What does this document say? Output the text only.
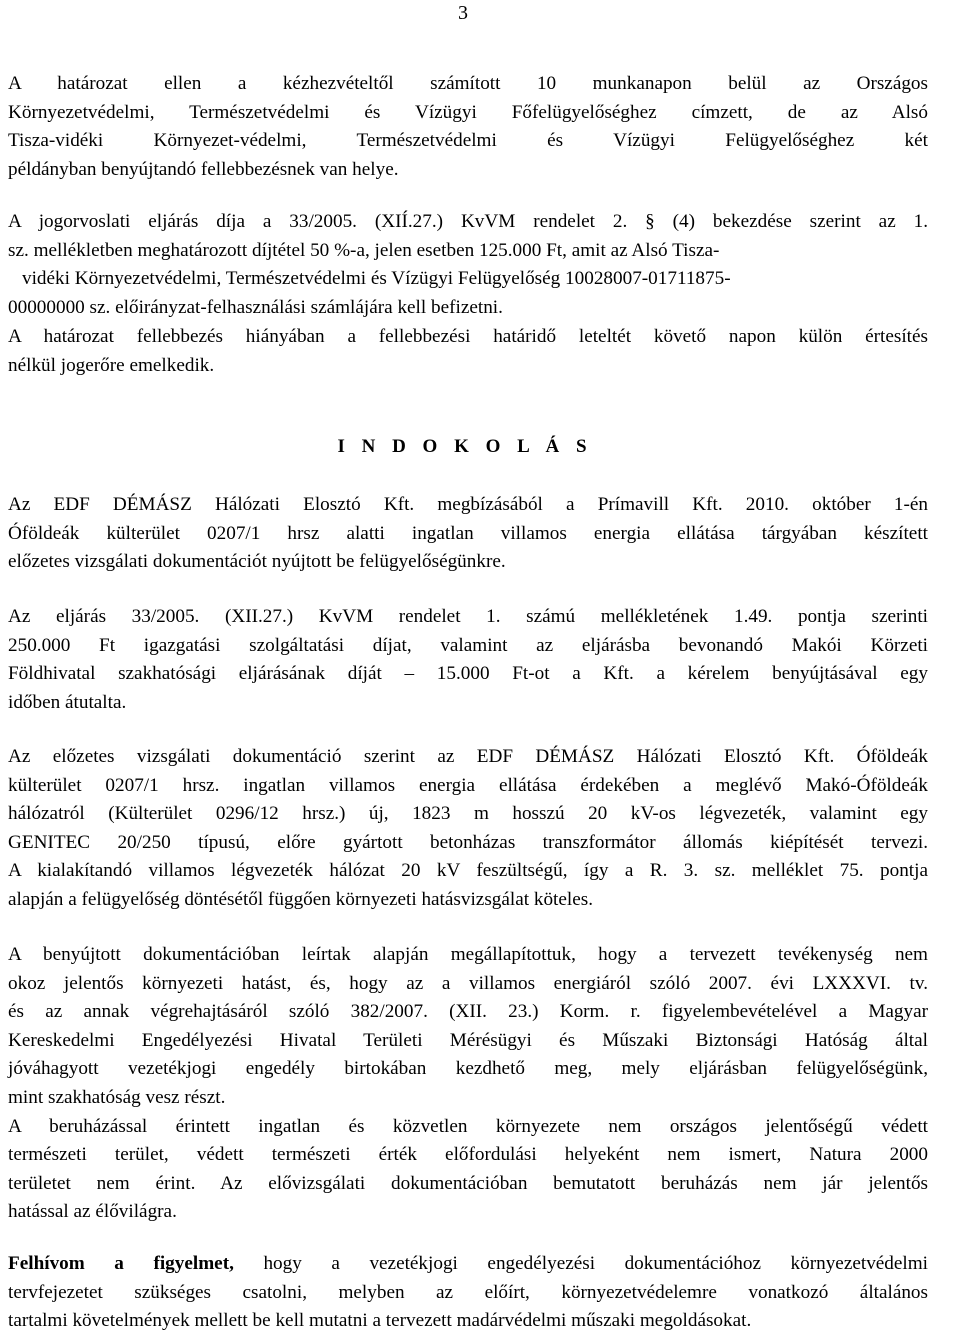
3
A határozat ellen a kézhezvételtől számított 10 munkanapon belül az Országos
Környezetvédelmi, Természetvédelmi és Vízügyi Főfelügyelőséghez címzett, de az Alsó
Tisza-vidéki Környezet-védelmi, Természetvédelmi és Vízügyi Felügyelőséghez két
példányban benyújtandó fellebbezésnek van helye.
A jogorvoslati eljárás díja a 33/2005. (XIÍ.27.) KvVM rendelet 2. § (4) bekezdése szerint az 1.
sz. mellékletben meghatározott díjtétel 50 %-a, jelen esetben 125.000 Ft, amit az Alsó Tisza-
vidéki Környezetvédelmi, Természetvédelmi és Vízügyi Felügyelőség 10028007-01711875-
00000000 sz. előirányzat-felhasználási számlájára kell befizetni.
A határozat fellebbezés hiányában a fellebbezési határidő leteltét követő napon külön értesítés
nélkül jogerőre emelkedik.
I N D O K O L Á S
Az EDF DÉMÁSZ Hálózati Elosztó Kft. megbízásából a Prímavill Kft. 2010. október 1-én
Óföldeák külterület 0207/1 hrsz alatti ingatlan villamos energia ellátása tárgyában készített
előzetes vizsgálati dokumentációt nyújtott be felügyelőségünkre.
Az eljárás 33/2005. (XII.27.) KvVM rendelet 1. számú mellékletének 1.49. pontja szerinti
250.000 Ft igazgatási szolgáltatási díjat, valamint az eljárásba bevonandó Makói Körzeti
Földhivatal szakhatósági eljárásának díját – 15.000 Ft-ot a Kft. a kérelem benyújtásával egy
időben átutalta.
Az előzetes vizsgálati dokumentáció szerint az EDF DÉMÁSZ Hálózati Elosztó Kft. Óföldeák
külterület 0207/1 hrsz. ingatlan villamos energia ellátása érdekében a meglévő Makó-Óföldeák
hálózatról (Külterület 0296/12 hrsz.) új, 1823 m hosszú 20 kV-os légvezeték, valamint egy
GENITEC 20/250 típusú, előre gyártott betonházas transzformátor állomás kiépítését tervezi.
A kialakítandó villamos légvezeték hálózat 20 kV feszültségű, így a R. 3. sz. melléklet 75. pontja
alapján a felügyelőség döntésétől függően környezeti hatásvizsgálat köteles.
A benyújtott dokumentációban leírtak alapján megállapítottuk, hogy a tervezett tevékenység nem
okoz jelentős környezeti hatást, és, hogy az a villamos energiáról szóló 2007. évi LXXXVI. tv.
és az annak végrehajtásáról szóló 382/2007. (XII. 23.) Korm. r. figyelembevételével a Magyar
Kereskedelmi Engedélyezési Hivatal Területi Mérésügyi és Műszaki Biztonsági Hatóság által
jóváhagyott vezetékjogi engedély birtokában kezdhető meg, mely eljárásban felügyelőségünk,
mint szakhatóság vesz részt.
A beruházással érintett ingatlan és közvetlen környezete nem országos jelentőségű védett
természeti terület, védett természeti érték előfordulási helyeként nem ismert, Natura 2000
területet nem érint. Az elővizsgálati dokumentációban bemutatott beruházás nem jár jelentős
hatással az élővilágra.
Felhívom a figyelmet, hogy a vezetékjogi engedélyezési dokumentációhoz környezetvédelmi
tervfejezetet szükséges csatolni, melyben az előírt, környezetvédelemre vonatkozó általános
tartalmi követelmények mellett be kell mutatni a tervezett madárvédelmi műszaki megoldásokat.
